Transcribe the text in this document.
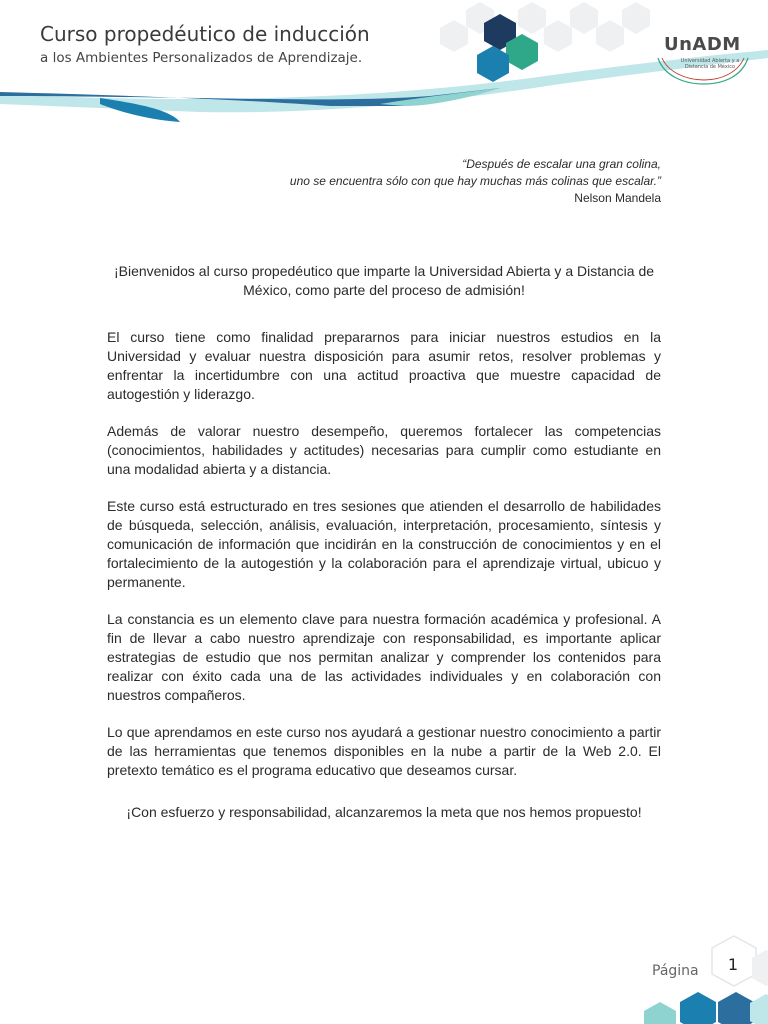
Curso propedéutico de inducción
a los Ambientes Personalizados de Aprendizaje.
UnADM
Universidad Abierta y a Distancia de México
“Después de escalar una gran colina,
uno se encuentra sólo con que hay muchas más colinas que escalar.”
Nelson Mandela

¡Bienvenidos al curso propedéutico que imparte la Universidad Abierta y a Distancia de México, como parte del proceso de admisión!

El curso tiene como finalidad prepararnos para iniciar nuestros estudios en la Universidad y evaluar nuestra disposición para asumir retos, resolver problemas y enfrentar la incertidumbre con una actitud proactiva que muestre capacidad de autogestión y liderazgo.

Además de valorar nuestro desempeño, queremos fortalecer las competencias (conocimientos, habilidades y actitudes) necesarias para cumplir como estudiante en una modalidad abierta y a distancia.

Este curso está estructurado en tres sesiones que atienden el desarrollo de habilidades de búsqueda, selección, análisis, evaluación, interpretación, procesamiento, síntesis y comunicación de información que incidirán en la construcción de conocimientos y en el fortalecimiento de la autogestión y la colaboración para el aprendizaje virtual, ubicuo y permanente.

La constancia es un elemento clave para nuestra formación académica y profesional. A fin de llevar a cabo nuestro aprendizaje con responsabilidad, es importante aplicar estrategias de estudio que nos permitan analizar y comprender los contenidos para realizar con éxito cada una de las actividades individuales y en colaboración con nuestros compañeros.

Lo que aprendamos en este curso nos ayudará a gestionar nuestro conocimiento a partir de las herramientas que tenemos disponibles en la nube a partir de la Web 2.0. El pretexto temático es el programa educativo que deseamos cursar.

¡Con esfuerzo y responsabilidad, alcanzaremos la meta que nos hemos propuesto!
Página	1
